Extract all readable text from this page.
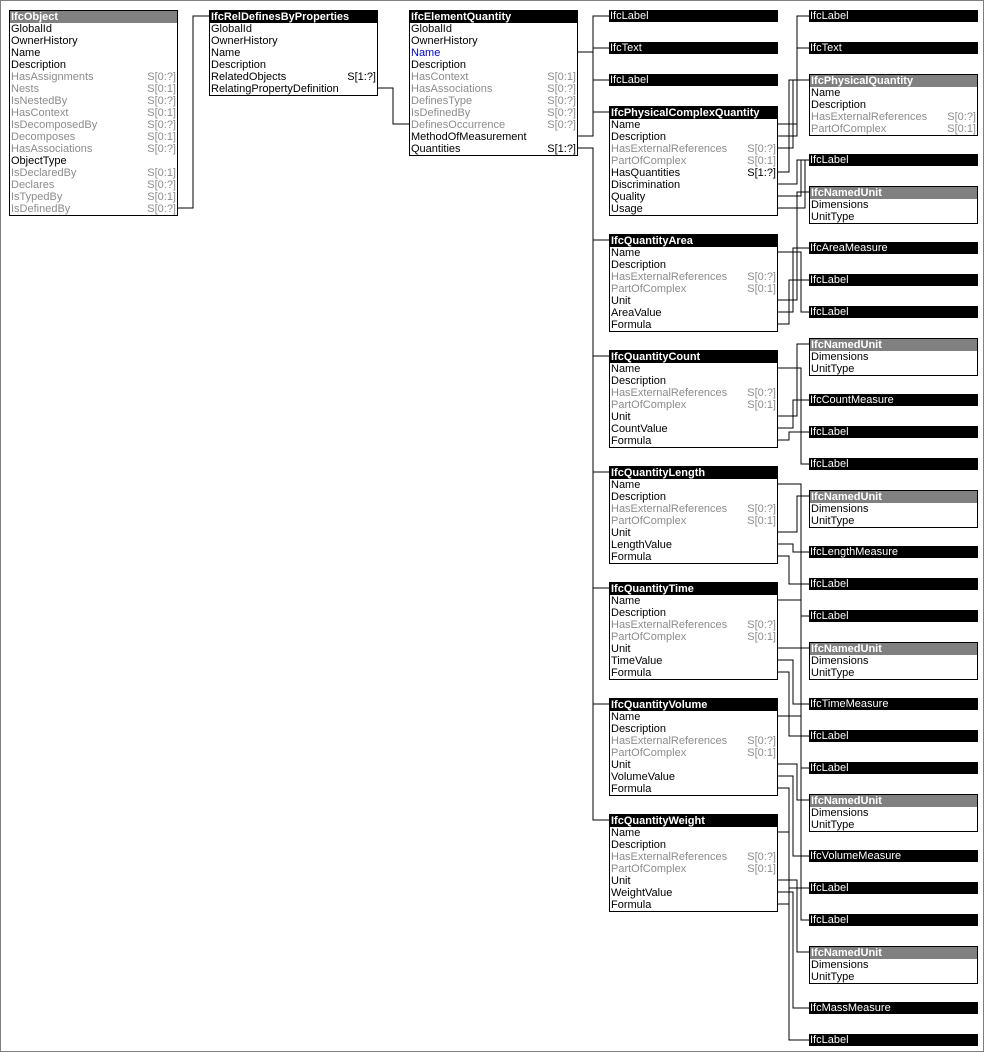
IfcObject
GlobalId
OwnerHistory
Name
Description
HasAssignments	S[0:?]
Nests	S[0:1]
IsNestedBy	S[0:?]
HasContext	S[0:1]
IsDecomposedBy	S[0:?]
Decomposes	S[0:1]
HasAssociations	S[0:?]
ObjectType
IsDeclaredBy	S[0:1]
Declares	S[0:?]
IsTypedBy	S[0:1]
IsDefinedBy	S[0:?]
IfcRelDefinesByProperties
GlobalId
OwnerHistory
Name
Description
RelatedObjects	S[1:?]
RelatingPropertyDefinition
IfcElementQuantity
GlobalId
OwnerHistory
Name
Description
HasContext	S[0:1]
HasAssociations	S[0:?]
DefinesType	S[0:?]
IsDefinedBy	S[0:?]
DefinesOccurrence	S[0:?]
MethodOfMeasurement
Quantities	S[1:?]
IfcLabel
IfcText
IfcLabel
IfcPhysicalComplexQuantity
Name
Description
HasExternalReferences S[0:?]
PartOfComplex	S[0:1]
HasQuantities	S[1:?]
Discrimination
Quality
Usage
IfcQuantityArea
Name
Description
HasExternalReferences S[0:?]
PartOfComplex	S[0:1]
Unit
AreaValue
Formula
IfcQuantityCount
Name
Description
HasExternalReferences S[0:?]
PartOfComplex	S[0:1]
Unit
CountValue
Formula
IfcQuantityLength
Name
Description
HasExternalReferences S[0:?]
PartOfComplex	S[0:1]
Unit
LengthValue
Formula
IfcQuantityTime
Name
Description
HasExternalReferences S[0:?]
PartOfComplex	S[0:1]
Unit
TimeValue
Formula
IfcQuantityVolume
Name
Description
HasExternalReferences S[0:?]
PartOfComplex	S[0:1]
Unit
VolumeValue
Formula
IfcQuantityWeight
Name
Description
HasExternalReferences S[0:?]
PartOfComplex	S[0:1]
Unit
WeightValue
Formula
IfcLabel
IfcText
IfcPhysicalQuantity
Name
Description
HasExternalReferences S[0:?]
PartOfComplex	S[0:1]
IfcLabel
IfcNamedUnit
Dimensions
UnitType
IfcAreaMeasure
IfcLabel
IfcLabel
IfcNamedUnit
Dimensions
UnitType
IfcCountMeasure
IfcLabel
IfcLabel
IfcNamedUnit
Dimensions
UnitType
IfcLengthMeasure
IfcLabel
IfcLabel
IfcNamedUnit
Dimensions
UnitType
IfcTimeMeasure
IfcLabel
IfcLabel
IfcNamedUnit
Dimensions
UnitType
IfcVolumeMeasure
IfcLabel
IfcLabel
IfcNamedUnit
Dimensions
UnitType
IfcMassMeasure
IfcLabel
